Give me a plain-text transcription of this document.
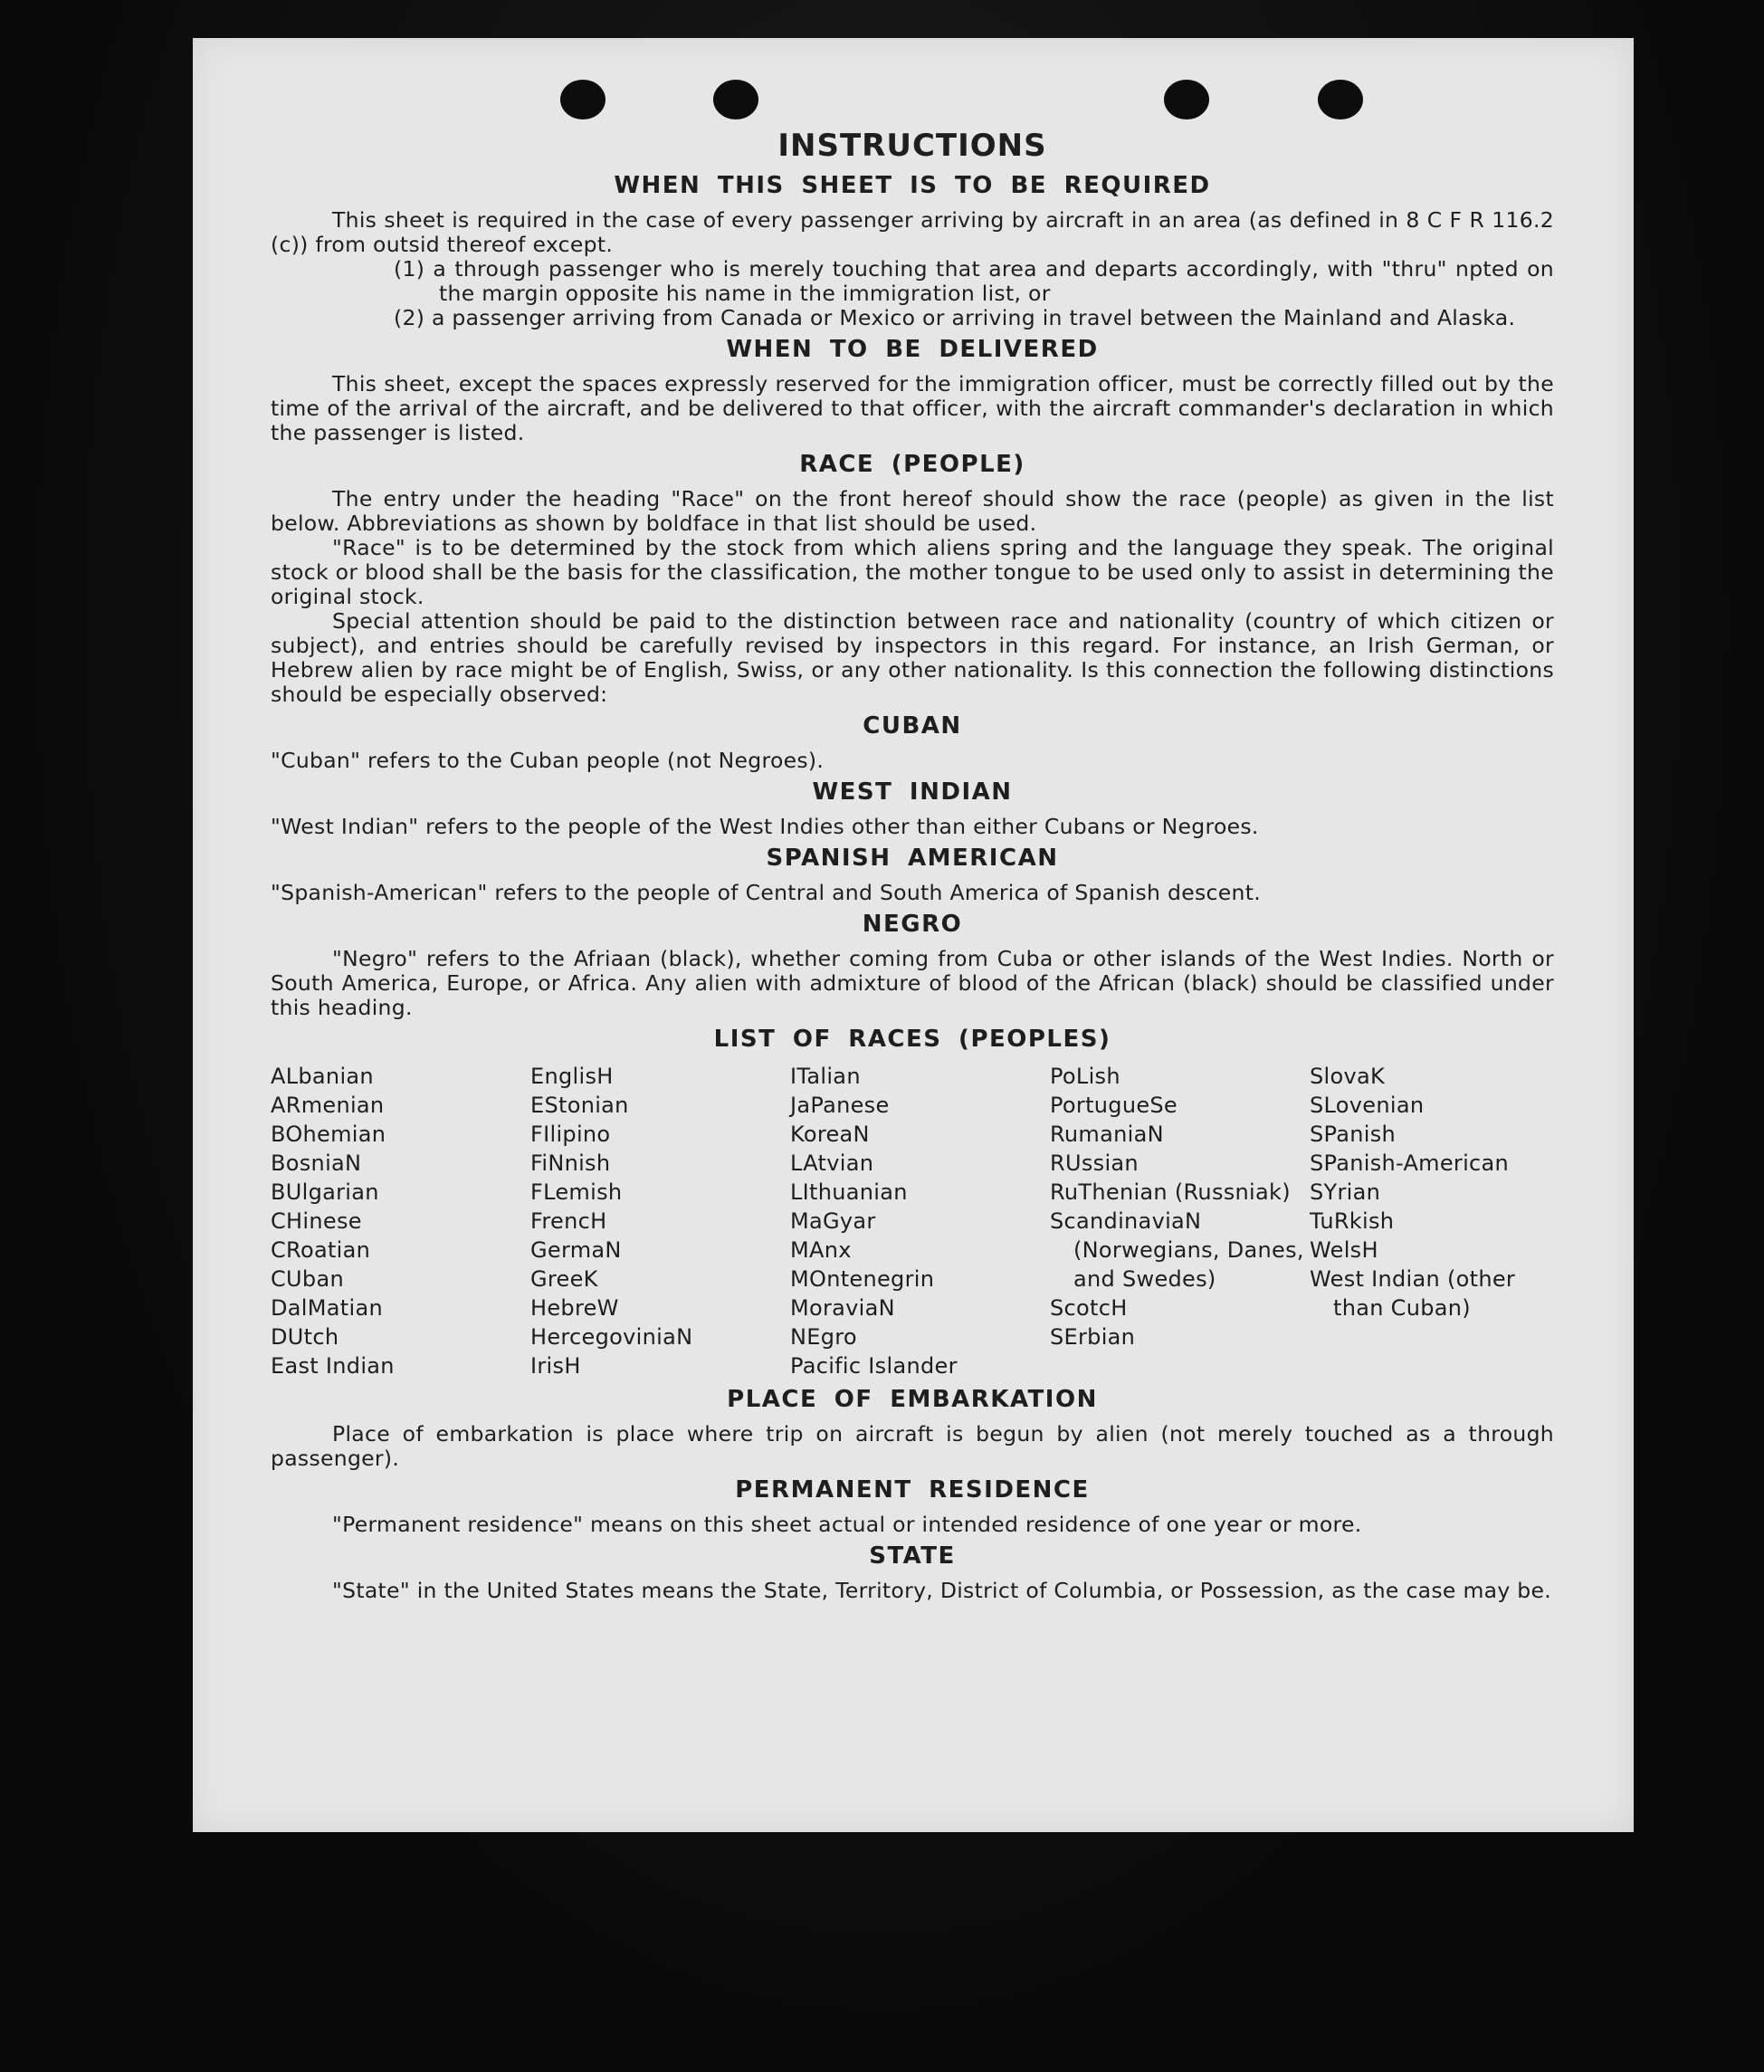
INSTRUCTIONS
WHEN THIS SHEET IS TO BE REQUIRED

This sheet is required in the case of every passenger arriving by aircraft in an area (as defined in 8 C F R 116.2 (c)) from outsid thereof except.

(1) a through passenger who is merely touching that area and departs accordingly, with "thru" npted on the margin opposite his name in the immigration list, or

(2) a passenger arriving from Canada or Mexico or arriving in travel between the Mainland and Alaska.

WHEN TO BE DELIVERED

This sheet, except the spaces expressly reserved for the immigration officer, must be correctly filled out by the time of the arrival of the aircraft, and be delivered to that officer, with the aircraft commander's declaration in which the passenger is listed.

RACE (PEOPLE)

The entry under the heading "Race" on the front hereof should show the race (people) as given in the list below. Abbreviations as shown by boldface in that list should be used.

"Race" is to be determined by the stock from which aliens spring and the language they speak. The original stock or blood shall be the basis for the classification, the mother tongue to be used only to assist in determining the original stock.

Special attention should be paid to the distinction between race and nationality (country of which citizen or subject), and entries should be carefully revised by inspectors in this regard. For instance, an Irish German, or Hebrew alien by race might be of English, Swiss, or any other nationality. Is this connection the following distinctions should be especially observed:

CUBAN

"Cuban" refers to the Cuban people (not Negroes).

WEST INDIAN

"West Indian" refers to the people of the West Indies other than either Cubans or Negroes.

SPANISH AMERICAN

"Spanish-American" refers to the people of Central and South America of Spanish descent.

NEGRO

"Negro" refers to the Afriaan (black), whether coming from Cuba or other islands of the West Indies. North or South America, Europe, or Africa. Any alien with admixture of blood of the African (black) should be classified under this heading.

LIST OF RACES (PEOPLES)
ALbanian
ARmenian
BOhemian
BosniaN
BUlgarian
CHinese
CRoatian
CUban
DalMatian
DUtch
East Indian
EnglisH
EStonian
FIlipino
FiNnish
FLemish
FrencH
GermaN
GreeK
HebreW
HercegoviniaN
IrisH
ITalian
JaPanese
KoreaN
LAtvian
LIthuanian
MaGyar
MAnx
MOntenegrin
MoraviaN
NEgro
Pacific Islander
PoLish
PortugueSe
RumaniaN
RUssian
RuThenian (Russniak)
ScandinaviaN (Norwegians, Danes, and Swedes)
ScotcH
SErbian
SlovaK
SLovenian
SPanish
SPanish-American
SYrian
TuRkish
WelsH
West Indian (other than Cuban)
PLACE OF EMBARKATION

Place of embarkation is place where trip on aircraft is begun by alien (not merely touched as a through passenger).

PERMANENT RESIDENCE

"Permanent residence" means on this sheet actual or intended residence of one year or more.

STATE

"State" in the United States means the State, Territory, District of Columbia, or Possession, as the case may be.
